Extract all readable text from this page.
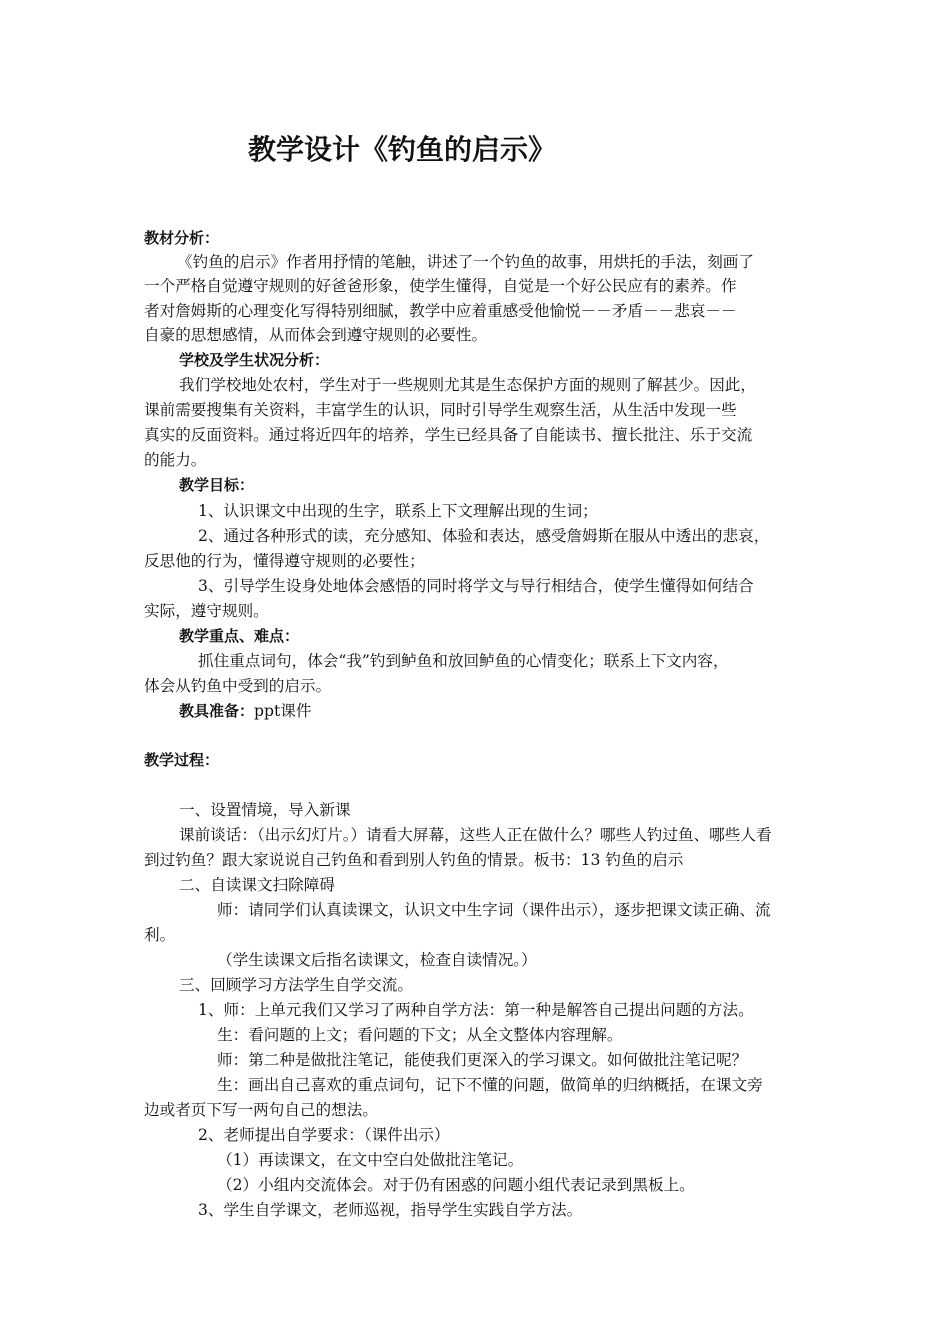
教学设计《钓鱼的启示》
教材分析：
《钓鱼的启示》作者用抒情的笔触，讲述了一个钓鱼的故事，用烘托的手法，刻画了
一个严格自觉遵守规则的好爸爸形象，使学生懂得，自觉是一个好公民应有的素养。作
者对詹姆斯的心理变化写得特别细腻，教学中应着重感受他愉悦－－矛盾－－悲哀－－
自豪的思想感情，从而体会到遵守规则的必要性。
学校及学生状况分析：
我们学校地处农村，学生对于一些规则尤其是生态保护方面的规则了解甚少。因此，
课前需要搜集有关资料，丰富学生的认识，同时引导学生观察生活，从生活中发现一些
真实的反面资料。通过将近四年的培养，学生已经具备了自能读书、擅长批注、乐于交流
的能力。
教学目标：
1、认识课文中出现的生字，联系上下文理解出现的生词；
2、通过各种形式的读，充分感知、体验和表达，感受詹姆斯在服从中透出的悲哀，
反思他的行为，懂得遵守规则的必要性；
3、引导学生设身处地体会感悟的同时将学文与导行相结合，使学生懂得如何结合
实际，遵守规则。
教学重点、难点：
抓住重点词句，体会“我”钓到鲈鱼和放回鲈鱼的心情变化；联系上下文内容，
体会从钓鱼中受到的启示。
教具准备：ppt课件
教学过程：
一、设置情境，导入新课
课前谈话：（出示幻灯片。）请看大屏幕，这些人正在做什么？哪些人钓过鱼、哪些人看
到过钓鱼？跟大家说说自己钓鱼和看到别人钓鱼的情景。板书：13 钓鱼的启示
二、自读课文扫除障碍
师：请同学们认真读课文，认识文中生字词（课件出示），逐步把课文读正确、流
利。
（学生读课文后指名读课文，检查自读情况。）
三、回顾学习方法学生自学交流。
1、师：上单元我们又学习了两种自学方法：第一种是解答自己提出问题的方法。
生：看问题的上文；看问题的下文；从全文整体内容理解。
师：第二种是做批注笔记，能使我们更深入的学习课文。如何做批注笔记呢？
生：画出自己喜欢的重点词句，记下不懂的问题，做简单的归纳概括，在课文旁
边或者页下写一两句自己的想法。
2、老师提出自学要求：（课件出示）
（1）再读课文，在文中空白处做批注笔记。
（2）小组内交流体会。对于仍有困惑的问题小组代表记录到黑板上。
3、学生自学课文，老师巡视，指导学生实践自学方法。
